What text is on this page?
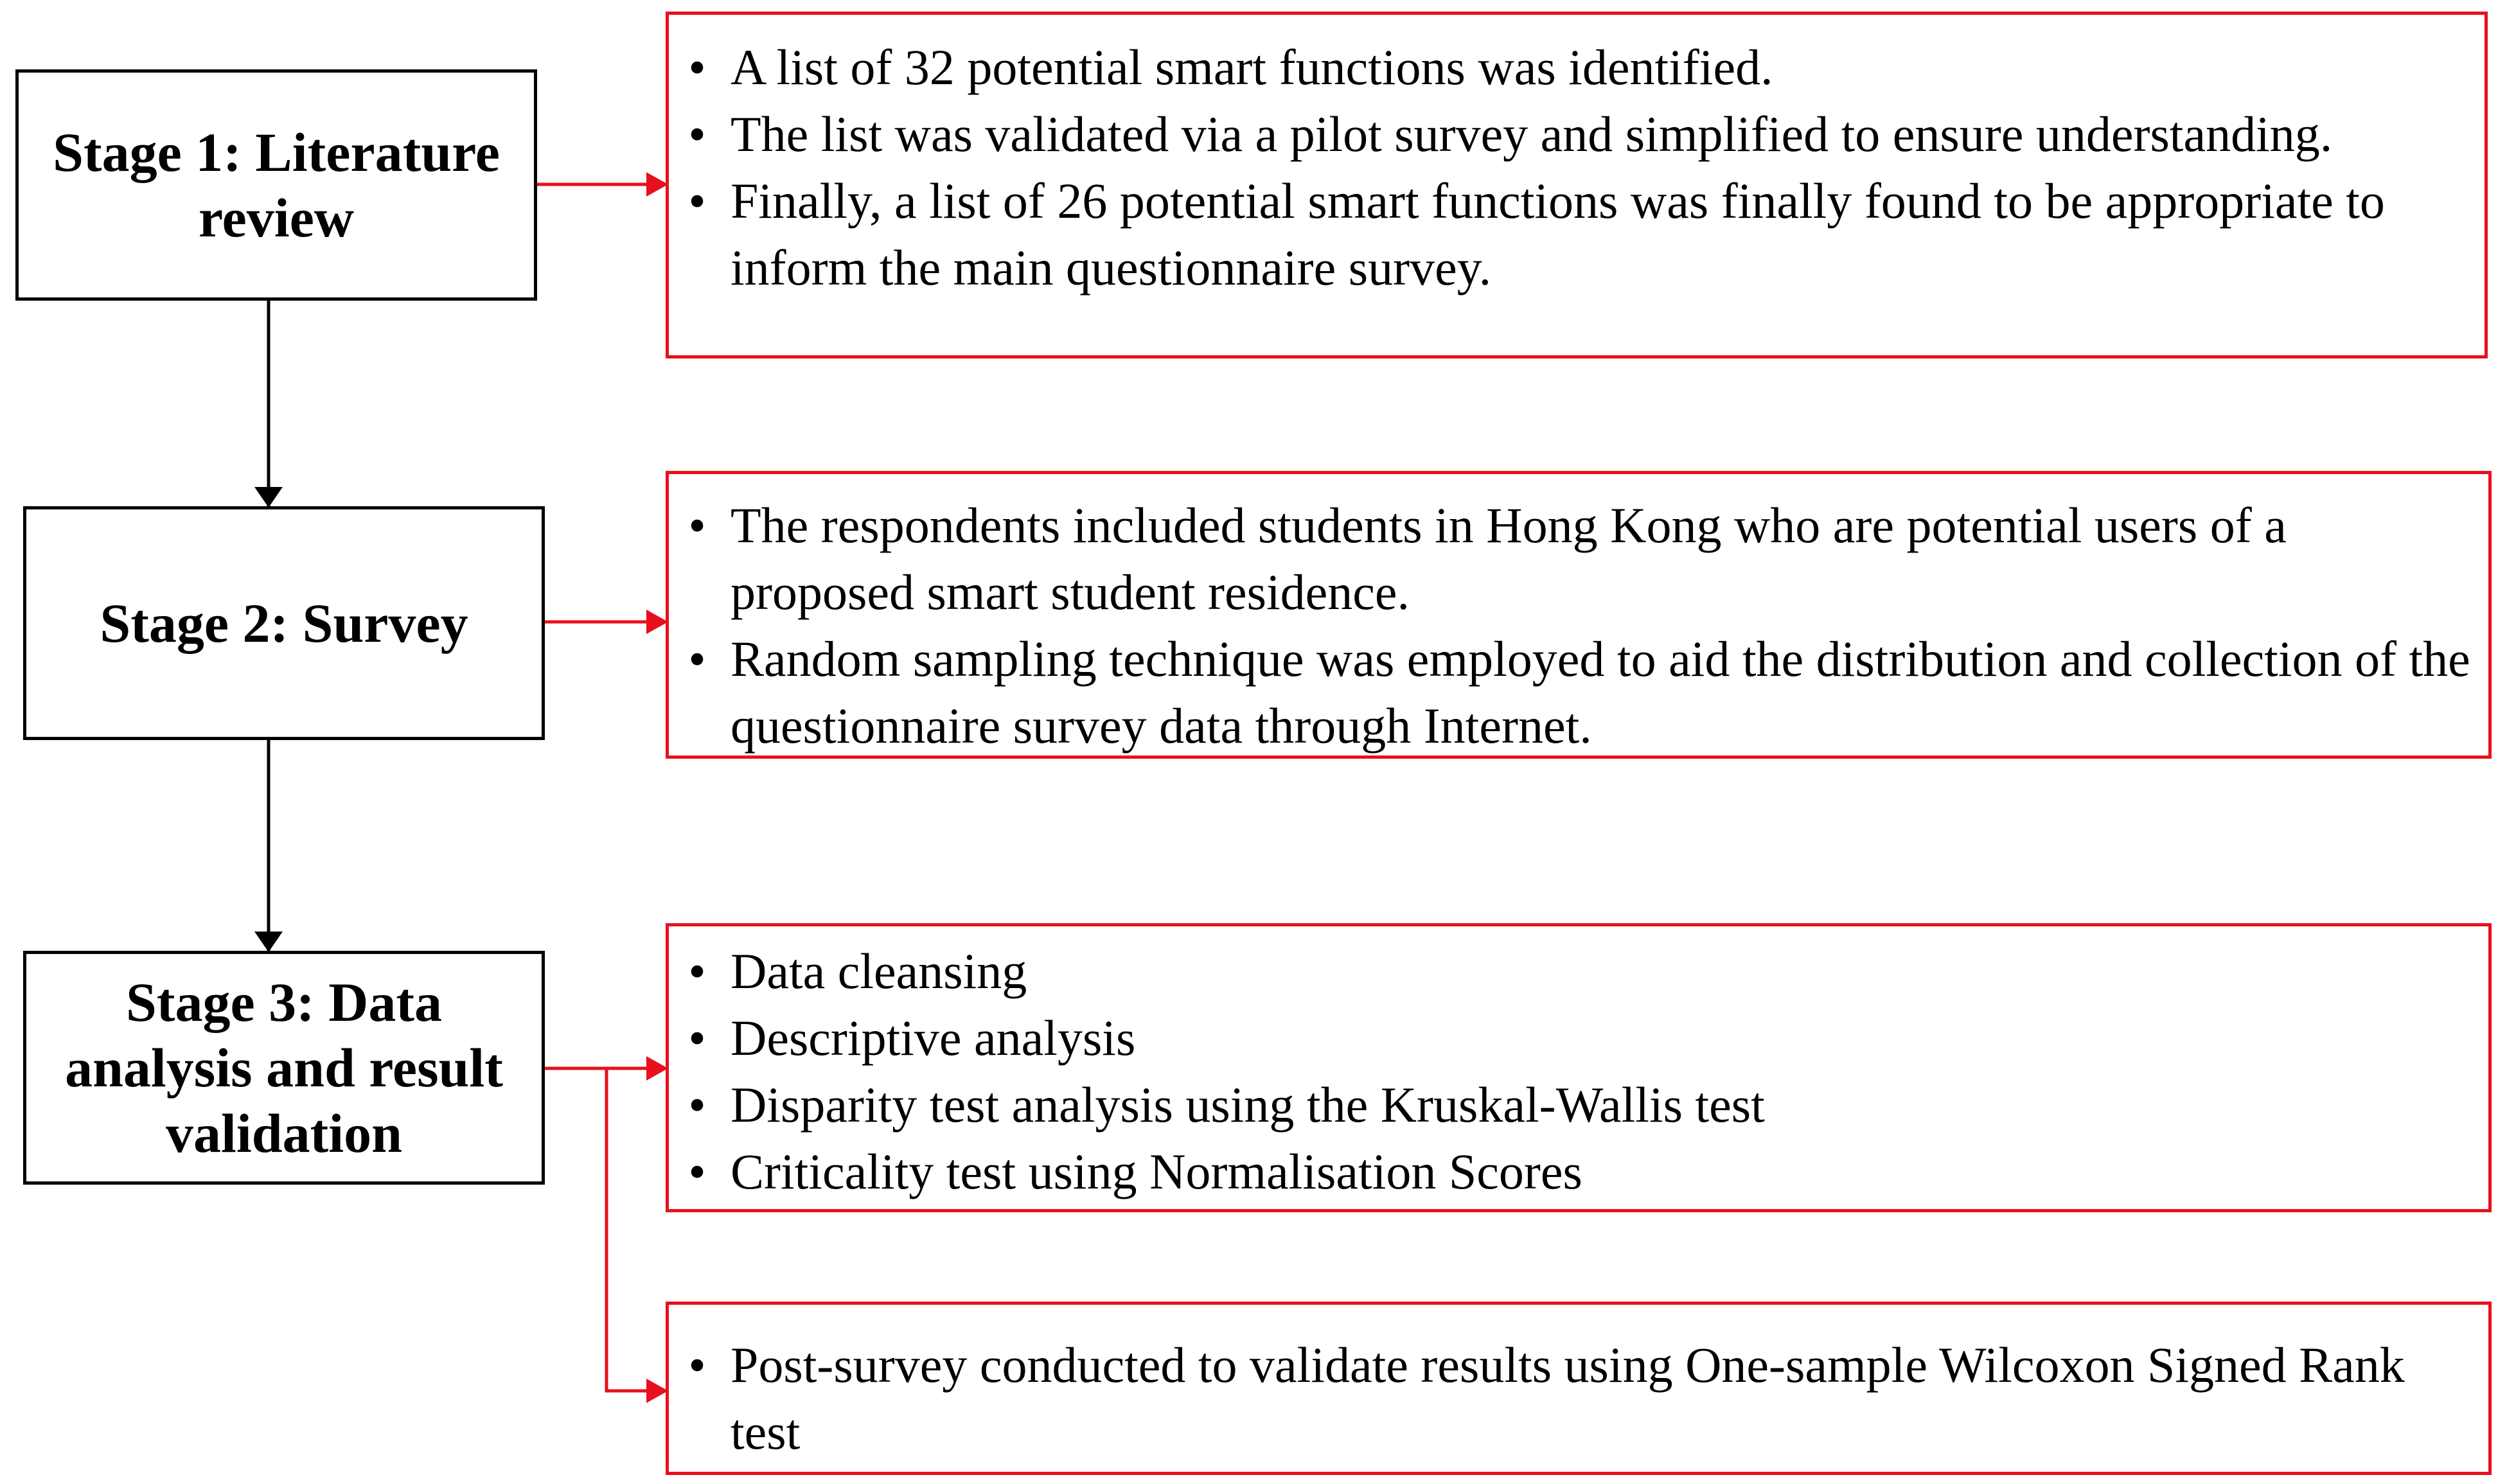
Stage 1: Literature review
Stage 2: Survey
Stage 3: Data analysis and result validation
• A list of 32 potential smart functions was identified.
• The list was validated via a pilot survey and simplified to ensure understanding.
• Finally, a list of 26 potential smart functions was finally found to be appropriate to inform the main questionnaire survey.
• The respondents included students in Hong Kong who are potential users of a proposed smart student residence.
• Random sampling technique was employed to aid the distribution and collection of the questionnaire survey data through Internet.
• Data cleansing
• Descriptive analysis
• Disparity test analysis using the Kruskal-Wallis test
• Criticality test using Normalisation Scores
• Post-survey conducted to validate results using One-sample Wilcoxon Signed Rank test
